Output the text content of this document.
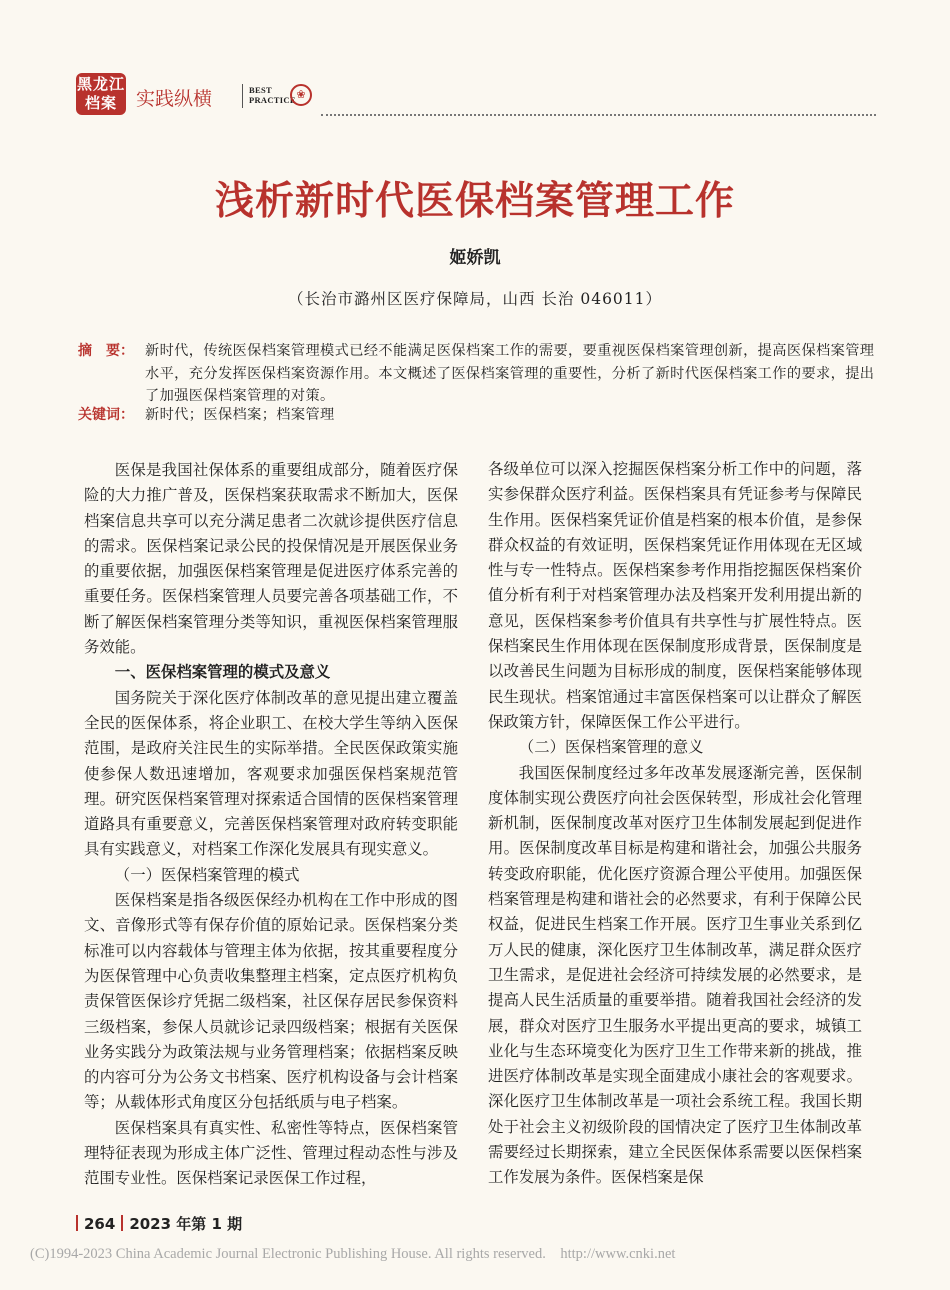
黑龙江档案	实践纵横	BEST
PRACTICE ❀
浅析新时代医保档案管理工作
姬娇凯
（长治市潞州区医疗保障局，山西 长治 046011）
摘　要： 新时代，传统医保档案管理模式已经不能满足医保档案工作的需要，要重视医保档案管理创新，提高医保档案管理水平，充分发挥医保档案资源作用。本文概述了医保档案管理的重要性，分析了新时代医保档案工作的要求，提出了加强医保档案管理的对策。
关键词： 新时代；医保档案；档案管理

医保是我国社保体系的重要组成部分，随着医疗保险的大力推广普及，医保档案获取需求不断加大，医保档案信息共享可以充分满足患者二次就诊提供医疗信息的需求。医保档案记录公民的投保情况是开展医保业务的重要依据，加强医保档案管理是促进医疗体系完善的重要任务。医保档案管理人员要完善各项基础工作，不断了解医保档案管理分类等知识，重视医保档案管理服务效能。

一、医保档案管理的模式及意义

国务院关于深化医疗体制改革的意见提出建立覆盖全民的医保体系，将企业职工、在校大学生等纳入医保范围，是政府关注民生的实际举措。全民医保政策实施使参保人数迅速增加，客观要求加强医保档案规范管理。研究医保档案管理对探索适合国情的医保档案管理道路具有重要意义，完善医保档案管理对政府转变职能具有实践意义，对档案工作深化发展具有现实意义。

（一）医保档案管理的模式

医保档案是指各级医保经办机构在工作中形成的图文、音像形式等有保存价值的原始记录。医保档案分类标准可以内容载体与管理主体为依据，按其重要程度分为医保管理中心负责收集整理主档案，定点医疗机构负责保管医保诊疗凭据二级档案，社区保存居民参保资料三级档案，参保人员就诊记录四级档案；根据有关医保业务实践分为政策法规与业务管理档案；依据档案反映的内容可分为公务文书档案、医疗机构设备与会计档案等；从载体形式角度区分包括纸质与电子档案。

医保档案具有真实性、私密性等特点，医保档案管理特征表现为形成主体广泛性、管理过程动态性与涉及范围专业性。医保档案记录医保工作过程，

各级单位可以深入挖掘医保档案分析工作中的问题，落实参保群众医疗利益。医保档案具有凭证参考与保障民生作用。医保档案凭证价值是档案的根本价值，是参保群众权益的有效证明，医保档案凭证作用体现在无区域性与专一性特点。医保档案参考作用指挖掘医保档案价值分析有利于对档案管理办法及档案开发利用提出新的意见，医保档案参考价值具有共享性与扩展性特点。医保档案民生作用体现在医保制度形成背景，医保制度是以改善民生问题为目标形成的制度，医保档案能够体现民生现状。档案馆通过丰富医保档案可以让群众了解医保政策方针，保障医保工作公平进行。

（二）医保档案管理的意义

我国医保制度经过多年改革发展逐渐完善，医保制度体制实现公费医疗向社会医保转型，形成社会化管理新机制，医保制度改革对医疗卫生体制发展起到促进作用。医保制度改革目标是构建和谐社会，加强公共服务转变政府职能，优化医疗资源合理公平使用。加强医保档案管理是构建和谐社会的必然要求，有利于保障公民权益，促进民生档案工作开展。医疗卫生事业关系到亿万人民的健康，深化医疗卫生体制改革，满足群众医疗卫生需求，是促进社会经济可持续发展的必然要求，是提高人民生活质量的重要举措。随着我国社会经济的发展，群众对医疗卫生服务水平提出更高的要求，城镇工业化与生态环境变化为医疗卫生工作带来新的挑战，推进医疗体制改革是实现全面建成小康社会的客观要求。深化医疗卫生体制改革是一项社会系统工程。我国长期处于社会主义初级阶段的国情决定了医疗卫生体制改革需要经过长期探索，建立全民医保体系需要以医保档案工作发展为条件。医保档案是保

264 2023 年第 1 期
(C)1994-2023 China Academic Journal Electronic Publishing House. All rights reserved.　http://www.cnki.net
